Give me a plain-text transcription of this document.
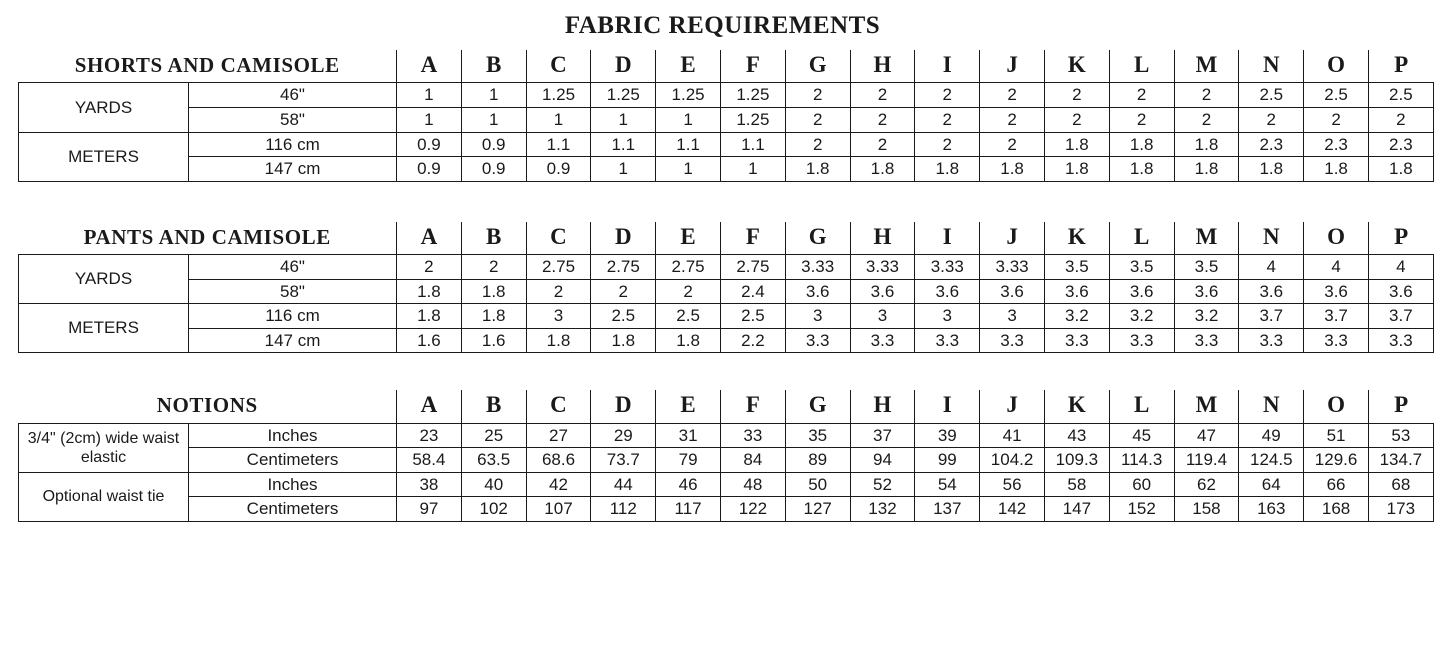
FABRIC REQUIREMENTS
SHORTS AND CAMISOLE		A	B	C	D	E	F	G	H	I	J	K	L	M	N	O	P
YARDS	46"	1	1	1.25	1.25	1.25	1.25	2	2	2	2	2	2	2	2.5	2.5	2.5
	58"	1	1	1	1	1	1.25	2	2	2	2	2	2	2	2	2	2
METERS	116 cm	0.9	0.9	1.1	1.1	1.1	1.1	2	2	2	2	1.8	1.8	1.8	2.3	2.3	2.3
	147 cm	0.9	0.9	0.9	1	1	1	1.8	1.8	1.8	1.8	1.8	1.8	1.8	1.8	1.8	1.8
PANTS AND CAMISOLE		A	B	C	D	E	F	G	H	I	J	K	L	M	N	O	P
YARDS	46"	2	2	2.75	2.75	2.75	2.75	3.33	3.33	3.33	3.33	3.5	3.5	3.5	4	4	4
	58"	1.8	1.8	2	2	2	2.4	3.6	3.6	3.6	3.6	3.6	3.6	3.6	3.6	3.6	3.6
METERS	116 cm	1.8	1.8	3	2.5	2.5	2.5	3	3	3	3	3.2	3.2	3.2	3.7	3.7	3.7
	147 cm	1.6	1.6	1.8	1.8	1.8	2.2	3.3	3.3	3.3	3.3	3.3	3.3	3.3	3.3	3.3	3.3
NOTIONS		A	B	C	D	E	F	G	H	I	J	K	L	M	N	O	P
3/4" (2cm) wide waist elastic	Inches	23	25	27	29	31	33	35	37	39	41	43	45	47	49	51	53
	Centimeters	58.4	63.5	68.6	73.7	79	84	89	94	99	104.2	109.3	114.3	119.4	124.5	129.6	134.7
Optional waist tie	Inches	38	40	42	44	46	48	50	52	54	56	58	60	62	64	66	68
	Centimeters	97	102	107	112	117	122	127	132	137	142	147	152	158	163	168	173
